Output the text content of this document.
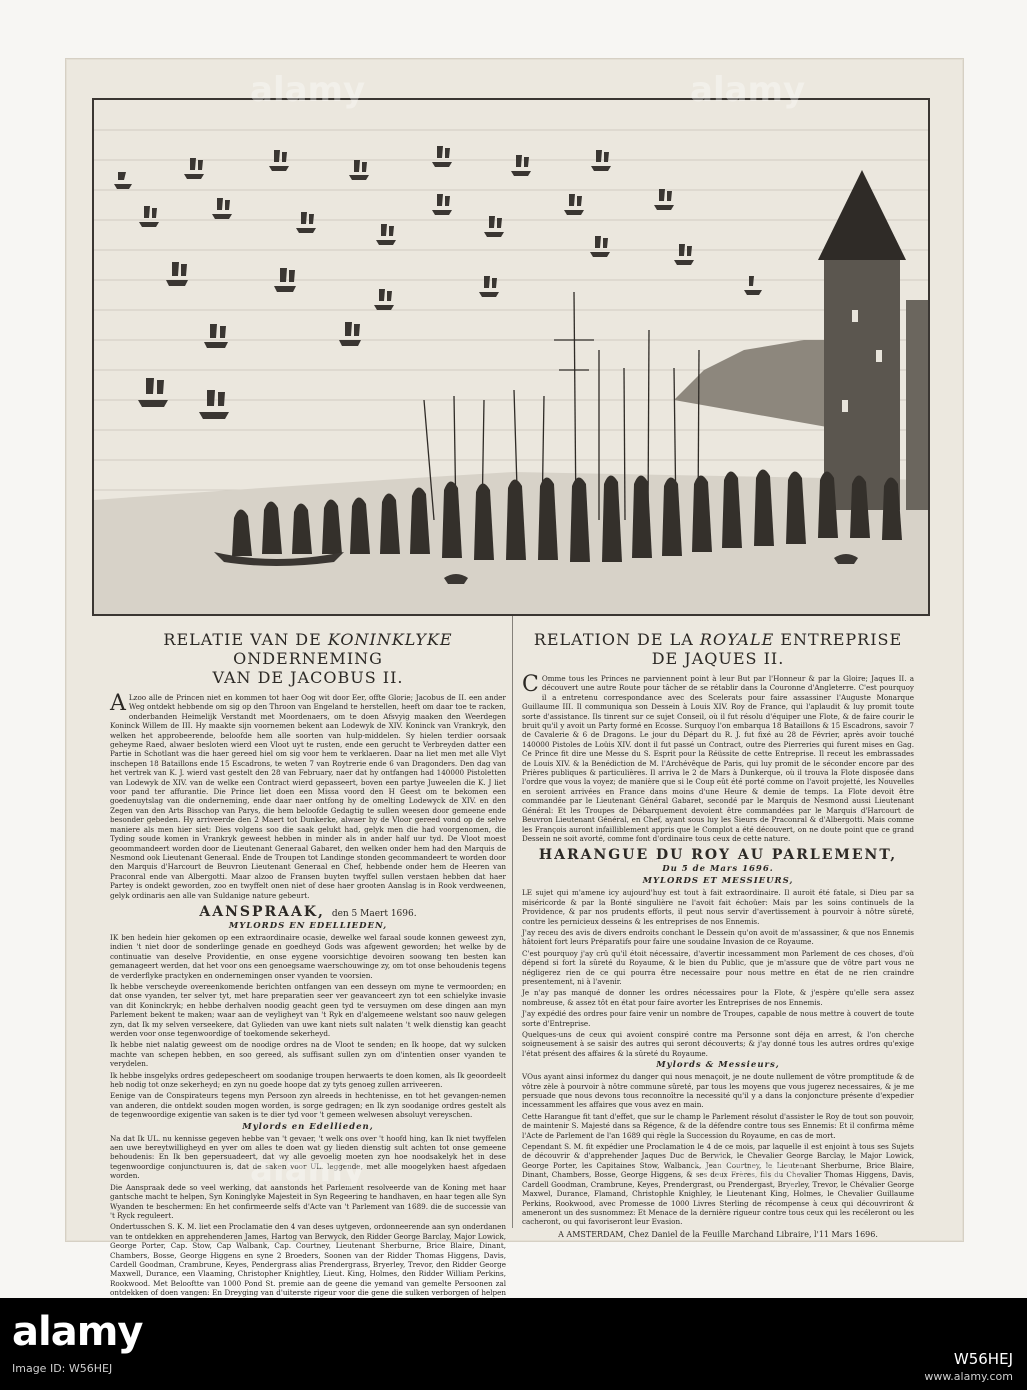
RELATIE VAN DE KONINKLYKE ONDERNEMING
VAN DE JACOBUS II.

A Lzoo alle de Princen niet en kommen tot haer Oog wit door Eer, offte Glorie; Jacobus de II. een ander Weg ontdekt hebbende om sig op den Throon van Engeland te herstellen, heeft om daar toe te racken, onderbanden Heimelijk Verstandt met Moordenaers, om te doen Afsvyig maaken den Weerdegen Koninck Willem de III. Hy maakte sijn voornemen bekent aan Lodewyk de XIV. Koninck van Vrankryk, den welken het approbeerende, beloofde hem alle soorten van hulp-middelen. Sy hielen terdier oorsaak geheyme Raed, alwaer besloten wierd een Vloot uyt te rusten, ende een gerucht te Verbreyden datter een Partie in Schotlant was die haer gereed hiel om sig voor hem te verklaeren. Daar na liet men met alle Vlyt inschepen 18 Bataillons ende 15 Escadrons, te weten 7 van Roytrerie ende 6 van Dragonders. Den dag van het vertrek van K. J. wierd vast gestelt den 28 van February, naer dat hy ontfangen had 140000 Pistoletten van Lodewyk de XIV. van de welke een Contract wierd gepasseert, boven een partye Juweelen die K. J liet voor pand ter affurantie. Die Prince liet doen een Missa voord den H Geest om te bekomen een goedenuytslag van die onderneming, ende daar naer ontfong hy de omelting Lodewyck de XIV. en den Zegen van den Arts Bisschop van Parys, die hem beloofde Gedagtig te sullen weesen door gemeene ende besonder gebeden. Hy arriveerde den 2 Maert tot Dunkerke, alwaer hy de Vloor gereed vond op de selve maniere als men hier siet: Dies volgens soo die saak gelukt had, gelyk men die had voorgenomen, die Tyding soude komen in Vrankryk geweest hebben in minder als in ander half uur tyd. De Vloot moest geoommandeert worden door de Lieutenant Generaal Gabaret, den welken onder hem had den Marquis de Nesmond ook Lieutenant Generaal. Ende de Troupen tot Landinge stonden gecommandeert te worden door den Marquis d'Harcourt de Beuvron Lieutenant Generaal en Chef, hebbende onder hem de Heeren van Praconral ende van Albergotti. Maar alzoo de Fransen buyten twyffel sullen verstaen hebben dat haer Partey is ondekt geworden, zoo en twyffelt onen niet of dese haer grooten Aanslag is in Rook verdweenen, gelyk ordinaris aen alle van Suldanige nature gebeurt.

AANSPRAAK, den 5 Maert 1696.
MYLORDS EN EDELLIEDEN,

IK ben hedein hier gekomen op een extraordinaire ocasie, dewelke wel faraal soude konnen geweest zyn, indien 't niet door de sonderlinge genade en goedheyd Gods was afgewent geworden; het welke by de continuatie van deselve Providentie, en onse eygene voorsichtige devoiren soowang ten besten kan gemanageert werden, dat het voor ons een genoegsame waerschouwinge zy, om tot onse behoudenis tegens de verderflyke practyken en ondernemingen onser vyanden te voorsien.

Ik hebbe verscheyde overeenkomende berichten ontfangen van een desseyn om myne te vermoorden; en dat onse vyanden, ter selver tyt, met hare preparatien seer ver geavanceert zyn tot een schielyke invasie van dit Koninckryk; en hebbe derhalven noodig geacht geen tyd te versuymen om dese dingen aan myn Parlement bekent te maken; waar aan de veyligheyt van 't Ryk en d'algemeene welstant soo nauw gelegen zyn, dat Ik my selven verseekere, dat Gylieden van uwe kant niets sult nalaten 't welk dienstig kan geacht werden voor onse tegenwoordige of toekomende sekerheyd.

Ik hebbe niet nalatig geweest om de noodige ordres na de Vloot te senden; en Ik hoope, dat wy sulcken machte van schepen hebben, en soo gereed, als suffisant sullen zyn om d'intentien onser vyanden te verydelen.

Ik hebbe insgelyks ordres gedepescheert om soodanige troupen herwaerts te doen komen, als Ik geoordeelt heb nodig tot onze sekerheyd; en zyn nu goede hoope dat zy tyts genoeg zullen arriveeren.

Eenige van de Conspirateurs tegens myn Persoon zyn alreeds in hechtenisse, en tot het gevangen-nemen van anderen, die ontdekt souden mogen worden, is sorge gedragen; en Ik zyn soodanige ordres gestelt als de tegenwoordige exigentie van saken is te dier tyd voor 't gemeen welwesen absoluyt vereyschen.

Mylords en Edellieden,

Na dat Ik UL. nu kennisse gegeven hebbe van 't gevaer, 't welk ons over 't hoofd hing, kan Ik niet twyffelen aen uwe bereytwilligheyd en yver om alles te doen wat gy lieden dienstig sult achten tot onse gemeene behoudenis: En Ik ben gepersuadeert, dat wy alle gevoelig moeten zyn hoe noodsakelyk het in dese tegenwoordige conjunctuuren is, dat de saken voor UL. leggende, met alle moogelyken haest afgedaen worden.

Die Aanspraak dede so veel werking, dat aanstonds het Parlement resolveerde van de Koning met haar gantsche macht te helpen, Syn Koninglyke Majesteit in Syn Regeering te handhaven, en haar tegen alle Syn Wyanden te beschermen: En het confirmeerde selfs d'Acte van 't Parlement van 1689. die de successie van 't Ryck reguleert.

Ondertusschen S. K. M. liet een Proclamatie den 4 van deses uytgeven, ordonneerende aan syn onderdanen van te ontdekken en apprehenderen James, Hartog van Berwyck, den Ridder George Barclay, Major Lowick, George Porter, Cap. Stow, Cap Walbank, Cap. Courtney, Lieutenant Sherburne, Brice Blaire, Dinant, Chambers, Bosse, George Higgens en syne 2 Broeders, Soonen van der Ridder Thomas Higgens, Davis, Cardell Goodman, Crambrune, Keyes, Pendergrass alias Prendergrass, Bryerley, Trevor, den Ridder George Maxwell, Durance, een Vlaaming, Christopher Knightley, Lieut. King, Holmes, den Ridder William Perkins, Rookwood. Met Belooftte van 1000 Pond St. premie aan de geene die yemand van gemelte Persoonen zal ontdekken of doen vangen: En Dreyging van d'uiterste rigeur voor die gene die sulken verborgen of helpen

RELATION DE LA ROYALE ENTREPRISE
DE JAQUES II.

C Omme tous les Princes ne parviennent point à leur But par l'Honneur & par la Gloire; Jaques II. a découvert une autre Route pour tâcher de se rétablir dans la Couronne d'Angleterre. C'est pourquoy il a entretenu correspondance avec des Scelerats pour faire assassiner l'Auguste Monarque Guillaume III. Il communiqua son Dessein à Louis XIV. Roy de France, qui l'aplaudit & luy promit toute sorte d'assistance. Ils tinrent sur ce sujet Conseil, où il fut résolu d'équiper une Flote, & de faire courir le bruit qu'il y avoit un Party formé en Ecosse. Surquoy l'on embarqua 18 Bataillons & 15 Escadrons, savoir 7 de Cavalerie & 6 de Dragons. Le jour du Départ du R. J. fut fixé au 28 de Février, après avoir touché 140000 Pistoles de Loüis XIV. dont il fut passé un Contract, outre des Pierreries qui furent mises en Gag. Ce Prince fit dire une Messe du S. Esprit pour la Réüssite de cette Entreprise. Il receut les embrassades de Louis XIV. & la Benédiction de M. l'Archévêque de Paris, qui luy promit de le séconder encore par des Prières publiques & particulières. Il arriva le 2 de Mars à Dunkerque, où il trouva la Flote disposée dans l'ordre que vous la voyez; de manière que si le Coup eût été porté comme on l'avoit projetté, les Nouvelles en seroient arrivées en France dans moins d'une Heure & demie de temps. La Flote devoit être commandée par le Lieutenant Général Gabaret, secondé par le Marquis de Nesmond aussi Lieutenant Général: Et les Troupes de Débarquement devoient être commandées par le Marquis d'Harcourt de Beuvron Lieutenant Général, en Chef, ayant sous luy les Sieurs de Praconral & d'Albergotti. Mais comme les François auront infailliblement appris que le Complot a été découvert, on ne doute point que ce grand Dessein ne soit avorté, comme font d'ordinaire tous ceux de cette nature.

HARANGUE DU ROY AU PARLEMENT,
Du 5 de Mars 1696.
MYLORDS ET MESSIEURS,

LE sujet qui m'amene icy aujourd'huy est tout à fait extraordinaire. Il auroit été fatale, si Dieu par sa miséricorde & par la Bonté singulière ne l'avoit fait échoüer: Mais par les soins continuels de la Providence, & par nos prudents efforts, il peut nous servir d'avertissement à pourvoir à nôtre sûreté, contre les pernicieux desseins & les entreprises de nos Ennemis.

J'ay receu des avis de divers endroits conchant le Dessein qu'on avoit de m'assassiner, & que nos Ennemis hâtoient fort leurs Préparatifs pour faire une soudaine Invasion de ce Royaume.

C'est pourquoy j'ay crû qu'il étoit nécessaire, d'avertir incessamment mon Parlement de ces choses, d'où dépend si fort la sûreté du Royaume, & le bien du Public, que je m'assure que de vôtre part vous ne négligerez rien de ce qui pourra être necessaire pour nous mettre en état de ne rien craindre presentement, ni à l'avenir.

Je n'ay pas manqué de donner les ordres nécessaires pour la Flote, & j'espère qu'elle sera assez nombreuse, & assez tôt en état pour faire avorter les Entreprises de nos Ennemis.

J'ay expédié des ordres pour faire venir un nombre de Troupes, capable de nous mettre à couvert de toute sorte d'Entreprise.

Quelques-uns de ceux qui avoient conspiré contre ma Personne sont déja en arrest, & l'on cherche soigneusement à se saisir des autres qui seront découverts; & j'ay donné tous les autres ordres qu'exige l'état présent des affaires & la sûreté du Royaume.

Mylords & Messieurs,

VOus ayant ainsi informez du danger qui nous menaçoit, je ne doute nullement de vôtre promptitude & de vôtre zèle à pourvoir à nôtre commune sûreté, par tous les moyens que vous jugerez necessaires, & je me persuade que nous devons tous reconnoître la necessité qu'il y a dans la conjoncture présente d'expedier incessamment les affaires que vous avez en main.

Cette Harangue fit tant d'effet, que sur le champ le Parlement résolut d'assister le Roy de tout son pouvoir, de maintenir S. Majesté dans sa Régence, & de la défendre contre tous ses Ennemis: Et il confirma même l'Acte de Parlement de l'an 1689 qui règle la Succession du Royaume, en cas de mort.

Cependant S. M. fit expédier une Proclamation le 4 de ce mois, par laquelle il est enjoint à tous ses Sujets de découvrir & d'apprehender Jaques Duc de Berwick, le Chevalier George Barclay, le Major Lowick, George Porter, les Capitaines Stow, Walbanck, Jean Courtney, le Lieutenant Sherburne, Brice Blaire, Dinant, Chambers, Bosse, George Higgens, & ses deux Frères, fils du Chevalier Thomas Higgens, Davis, Cardell Goodman, Crambrune, Keyes, Prendergrast, ou Prendergast, Bryerley, Trevor, le Chévalier George Maxwel, Durance, Flamand, Christophle Knighley, le Lieutenant King, Holmes, le Chevalier Guillaume Perkins, Rookwood, avec Promesse de 1000 Livres Sterling de récompense à ceux qui découvriront & ameneront un des susnommez: Et Menace de la dernière rigueur contre tous ceux qui les recéleront ou les cacheront, ou qui favoriseront leur Evasion.

A AMSTERDAM, Chez Daniel de la Feuille Marchand Libraire, l'11 Mars 1696.
alamy
Image ID: W56HEJ
W56HEJ
www.alamy.com
alamy	alamy
alamy	alamy
